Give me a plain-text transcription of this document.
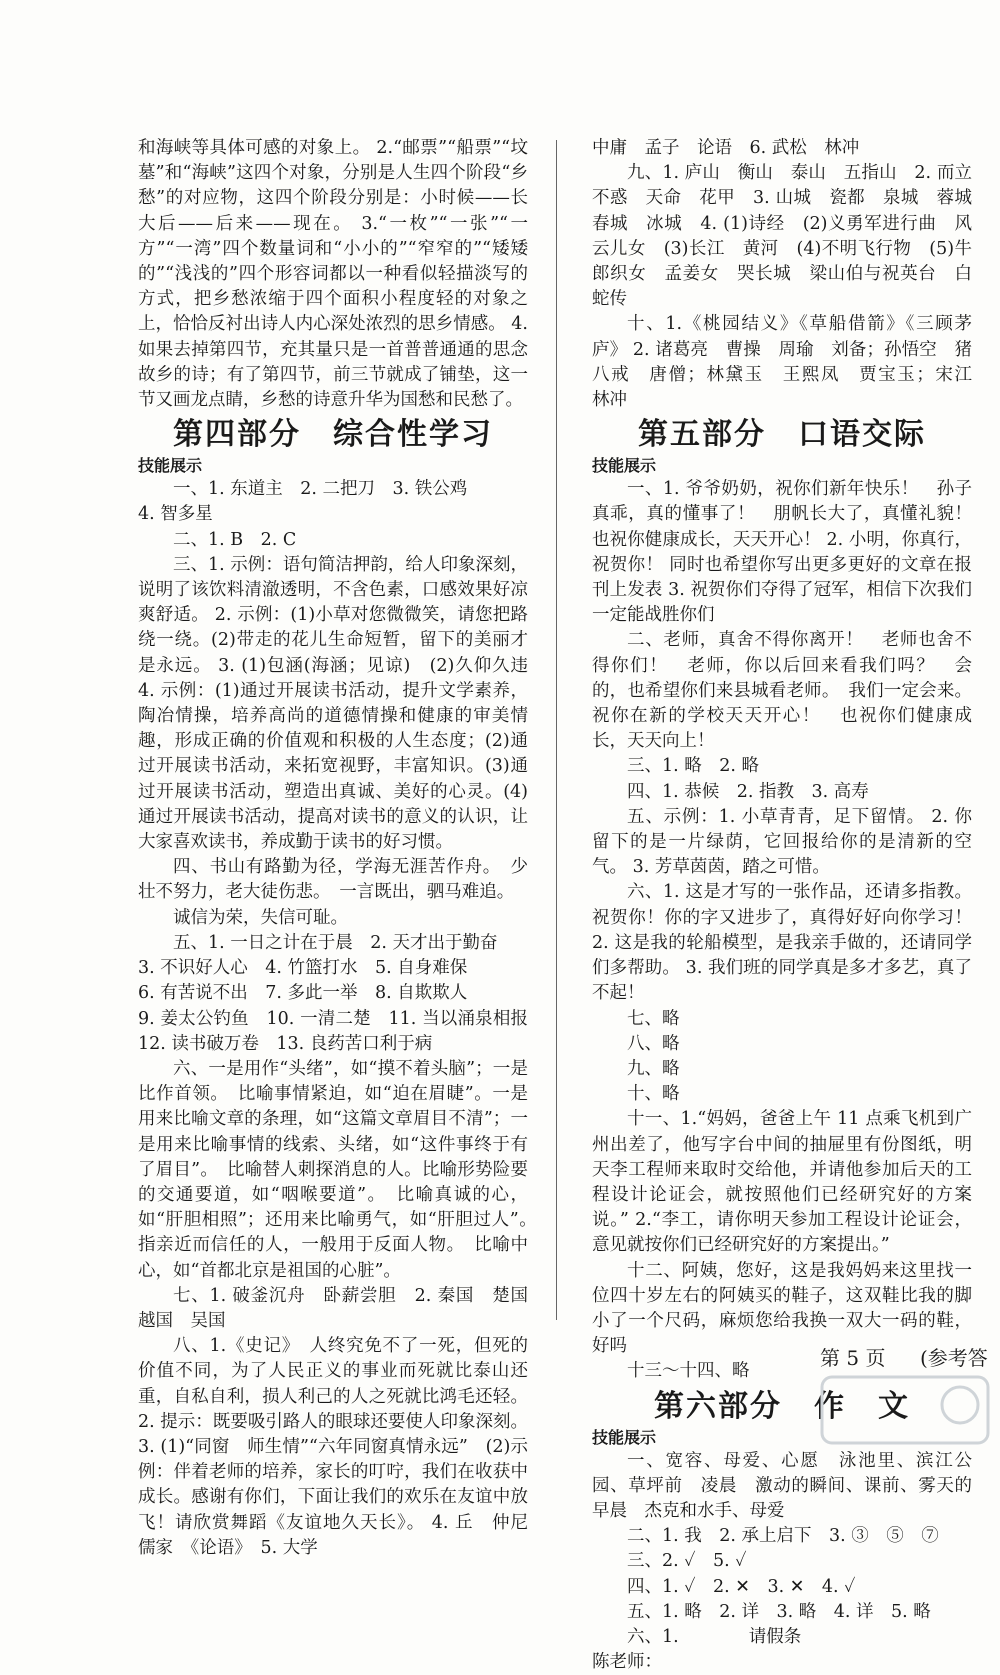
和海峡等具体可感的对象上。 2.“邮票”“船票”“坟墓”和“海峡”这四个对象，分别是人生四个阶段“乡愁”的对应物，这四个阶段分别是：小时候——长大后——后来——现在。 3.“一枚”“一张”“一方”“一湾”四个数量词和“小小的”“窄窄的”“矮矮的”“浅浅的”四个形容词都以一种看似轻描淡写的方式，把乡愁浓缩于四个面积小程度轻的对象之上，恰恰反衬出诗人内心深处浓烈的思乡情感。 4. 如果去掉第四节，充其量只是一首普普通通的思念故乡的诗；有了第四节，前三节就成了铺垫，这一节又画龙点睛，乡愁的诗意升华为国愁和民愁了。

第四部分　综合性学习

技能展示

一、1. 东道主　2. 二把刀　3. 铁公鸡

4. 智多星

二、1. B　2. C

三、1. 示例：语句简洁押韵，给人印象深刻，说明了该饮料清澈透明，不含色素，口感效果好凉爽舒适。 2. 示例：(1)小草对您微微笑，请您把路绕一绕。(2)带走的花儿生命短暂，留下的美丽才是永远。 3. (1)包涵(海涵；见谅)　(2)久仰久违　4. 示例：(1)通过开展读书活动，提升文学素养，陶冶情操，培养高尚的道德情操和健康的审美情趣，形成正确的价值观和积极的人生态度；(2)通过开展读书活动，来拓宽视野，丰富知识。(3)通过开展读书活动，塑造出真诚、美好的心灵。(4)通过开展读书活动，提高对读书的意义的认识，让大家喜欢读书，养成勤于读书的好习惯。

四、书山有路勤为径，学海无涯苦作舟。　少壮不努力，老大徒伤悲。　一言既出，驷马难追。

诚信为荣，失信可耻。

五、1. 一日之计在于晨　2. 天才出于勤奋

3. 不识好人心　4. 竹篮打水　5. 自身难保

6. 有苦说不出　7. 多此一举　8. 自欺欺人

9. 姜太公钓鱼　10. 一清二楚　11. 当以涌泉相报　12. 读书破万卷　13. 良药苦口利于病

六、一是用作“头绪”，如“摸不着头脑”；一是比作首领。　比喻事情紧迫，如“迫在眉睫”。一是用来比喻文章的条理，如“这篇文章眉目不清”；一是用来比喻事情的线索、头绪，如“这件事终于有了眉目”。　比喻替人刺探消息的人。比喻形势险要的交通要道，如“咽喉要道”。　比喻真诚的心，如“肝胆相照”；还用来比喻勇气，如“肝胆过人”。　指亲近而信任的人，一般用于反面人物。　比喻中心，如“首都北京是祖国的心脏”。

七、1. 破釜沉舟　卧薪尝胆　2. 秦国　楚国越国　吴国

八、1.《史记》　人终究免不了一死，但死的价值不同，为了人民正义的事业而死就比泰山还重，自私自利，损人利己的人之死就比鸿毛还轻。 2. 提示：既要吸引路人的眼球还要使人印象深刻。 3. (1)“同窗　师生情”“六年同窗真情永远”　(2)示例：伴着老师的培养，家长的叮咛，我们在收获中成长。感谢有你们，下面让我们的欢乐在友谊中放飞！请欣赏舞蹈《友谊地久天长》。 4. 丘　仲尼　儒家　《论语》　5. 大学

中庸　孟子　论语　6. 武松　林冲

九、1. 庐山　衡山　泰山　五指山　2. 而立　不惑　天命　花甲　3. 山城　瓷都　泉城　蓉城　春城　冰城　4. (1)诗经　(2)义勇军进行曲　风云儿女　(3)长江　黄河　(4)不明飞行物　(5)牛郎织女　孟姜女　哭长城　梁山伯与祝英台　白蛇传

十、1.《桃园结义》《草船借箭》《三顾茅庐》 2. 诸葛亮　曹操　周瑜　刘备；孙悟空　猪八戒　唐僧；林黛玉　王熙凤　贾宝玉；宋江　林冲

第五部分　口语交际

技能展示

一、1. 爷爷奶奶，祝你们新年快乐！　孙子真乖，真的懂事了！　朋帆长大了，真懂礼貌！也祝你健康成长，天天开心！ 2. 小明，你真行，祝贺你！ 同时也希望你写出更多更好的文章在报刊上发表 3. 祝贺你们夺得了冠军，相信下次我们一定能战胜你们

二、老师，真舍不得你离开！　老师也舍不得你们！　老师，你以后回来看我们吗？　会的，也希望你们来县城看老师。　我们一定会来。祝你在新的学校天天开心！　也祝你们健康成长，天天向上！

三、1. 略　2. 略

四、1. 恭候　2. 指教　3. 高寿

五、示例：1. 小草青青，足下留情。 2. 你留下的是一片绿荫，它回报给你的是清新的空气。 3. 芳草茵茵，踏之可惜。

六、1. 这是才写的一张作品，还请多指教。祝贺你！你的字又进步了，真得好好向你学习！ 2. 这是我的轮船模型，是我亲手做的，还请同学们多帮助。 3. 我们班的同学真是多才多艺，真了不起！

七、略

八、略

九、略

十、略

十一、1.“妈妈，爸爸上午 11 点乘飞机到广州出差了，他写字台中间的抽屉里有份图纸，明天李工程师来取时交给他，并请他参加后天的工程设计论证会，就按照他们已经研究好的方案说。” 2.“李工，请你明天参加工程设计论证会，意见就按你们已经研究好的方案提出。”

十二、阿姨，您好，这是我妈妈来这里找一位四十岁左右的阿姨买的鞋子，这双鞋比我的脚小了一个尺码，麻烦您给我换一双大一码的鞋，好吗

十三～十四、略

第六部分　作　文

技能展示

一、宽容、母爱、心愿　泳池里、滨江公园、草坪前　凌晨　激动的瞬间、课前、雾天的早晨　杰克和水手、母爱

二、1. 我　2. 承上启下　3. ③　⑤　⑦

三、2. ✓　5. ✓

四、1. ✓　2. ✕　3. ✕　4. ✓

五、1. 略　2. 详　3. 略　4. 详　5. 略

六、1.　　　　请假条

陈老师：

第 5 页 (参考答
